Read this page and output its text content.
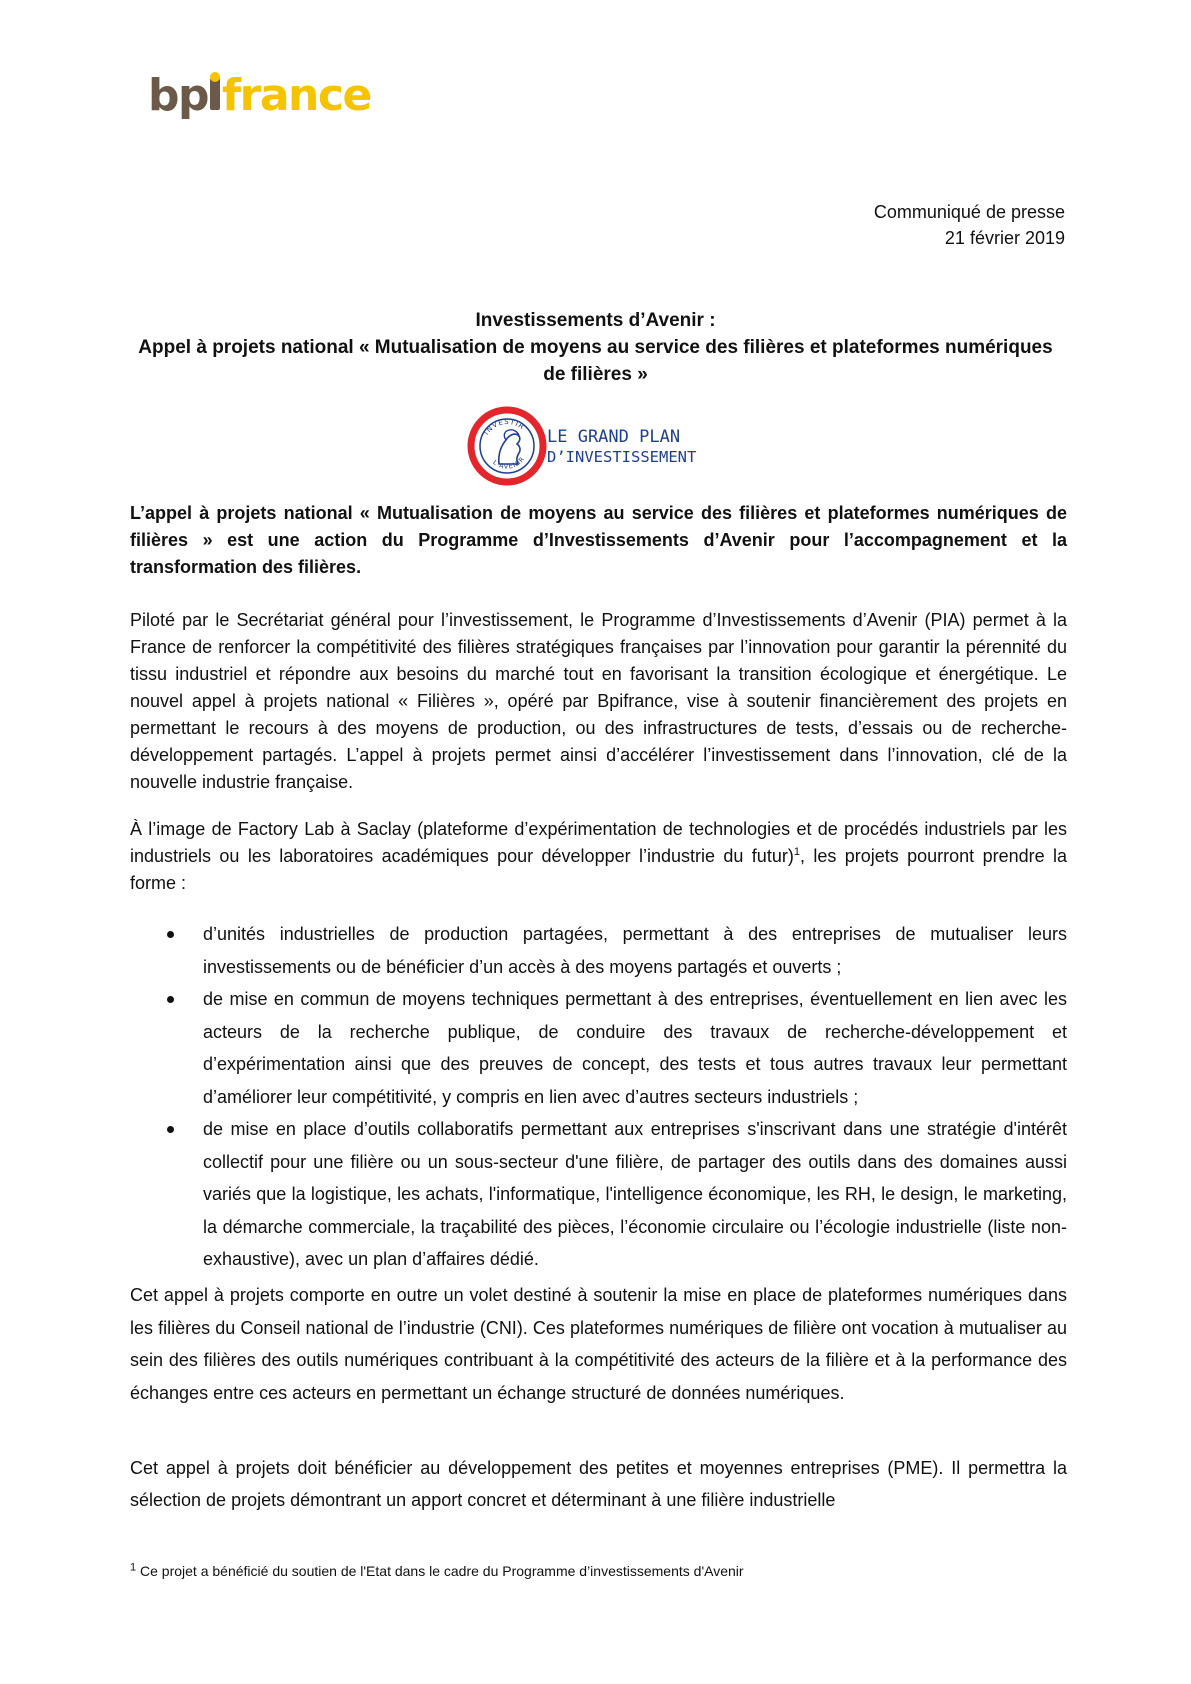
bp france
Communiqué de presse
21 février 2019
Investissements d’Avenir :
Appel à projets national « Mutualisation de moyens au service des filières et plateformes numériques de filières »
INVESTIR
L'AVENIR
LE GRAND PLAN
D’INVESTISSEMENT
L’appel à projets national « Mutualisation de moyens au service des filières et plateformes numériques de filières » est une action du Programme d’Investissements d’Avenir pour l’accompagnement et la transformation des filières.
Piloté par le Secrétariat général pour l’investissement, le Programme d’Investissements d’Avenir (PIA) permet à la France de renforcer la compétitivité des filières stratégiques françaises par l’innovation pour garantir la pérennité du tissu industriel et répondre aux besoins du marché tout en favorisant la transition écologique et énergétique. Le nouvel appel à projets national « Filières », opéré par Bpifrance, vise à soutenir financièrement des projets en permettant le recours à des moyens de production, ou des infrastructures de tests, d’essais ou de recherche-développement partagés. L’appel à projets permet ainsi d’accélérer l’investissement dans l’innovation, clé de la nouvelle industrie française.
À l’image de Factory Lab à Saclay (plateforme d’expérimentation de technologies et de procédés industriels par les industriels ou les laboratoires académiques pour développer l’industrie du futur)$^1$, les projets pourront prendre la forme :
d’unités industrielles de production partagées, permettant à des entreprises de mutualiser leurs investissements ou de bénéficier d’un accès à des moyens partagés et ouverts ;
de mise en commun de moyens techniques permettant à des entreprises, éventuellement en lien avec les acteurs de la recherche publique, de conduire des travaux de recherche-développement et d’expérimentation ainsi que des preuves de concept, des tests et tous autres travaux leur permettant d’améliorer leur compétitivité, y compris en lien avec d’autres secteurs industriels ;
de mise en place d’outils collaboratifs permettant aux entreprises s'inscrivant dans une stratégie d'intérêt collectif pour une filière ou un sous-secteur d'une filière, de partager des outils dans des domaines aussi variés que la logistique, les achats, l'informatique, l'intelligence économique, les RH, le design, le marketing, la démarche commerciale, la traçabilité des pièces, l’économie circulaire ou l’écologie industrielle (liste non-exhaustive), avec un plan d’affaires dédié.
Cet appel à projets comporte en outre un volet destiné à soutenir la mise en place de plateformes numériques dans les filières du Conseil national de l’industrie (CNI). Ces plateformes numériques de filière ont vocation à mutualiser au sein des filières des outils numériques contribuant à la compétitivité des acteurs de la filière et à la performance des échanges entre ces acteurs en permettant un échange structuré de données numériques.
Cet appel à projets doit bénéficier au développement des petites et moyennes entreprises (PME). Il permettra la sélection de projets démontrant un apport concret et déterminant à une filière industrielle
$^1$ Ce projet a bénéficié du soutien de l'Etat dans le cadre du Programme d’investissements d'Avenir
